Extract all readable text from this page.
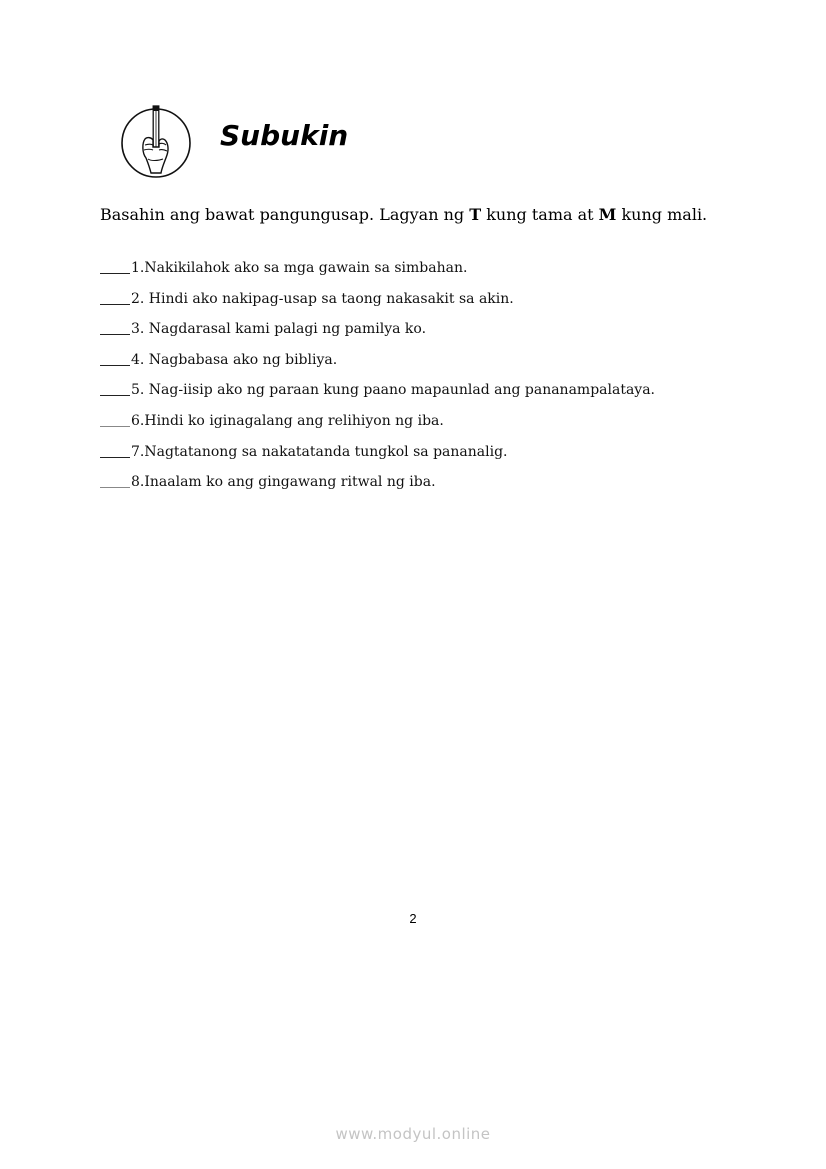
Subukin
Basahin ang bawat pangungusap. Lagyan ng T kung tama at M kung mali.
1.Nakikilahok ako sa mga gawain sa simbahan.
2. Hindi ako nakipag-usap sa taong nakasakit sa akin.
3. Nagdarasal kami palagi ng pamilya ko.
4. Nagbabasa ako ng bibliya.
5. Nag-iisip ako ng paraan kung paano mapaunlad ang pananampalataya.
6.Hindi ko iginagalang ang relihiyon ng iba.
7.Nagtatanong sa nakatatanda tungkol sa pananalig.
8.Inaalam ko ang gingawang ritwal ng iba.
2
www.modyul.online
